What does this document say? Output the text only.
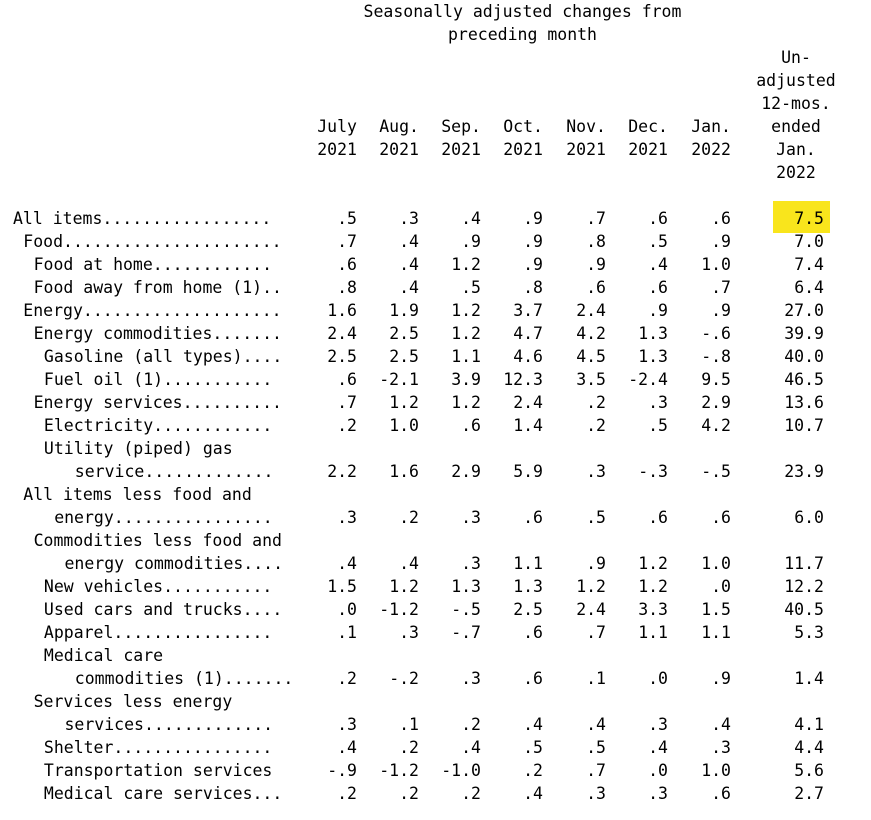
Seasonally adjusted changes from
preceding month
July
2021
Aug.
2021
Sep.
2021
Oct.
2021
Nov.
2021
Dec.
2021
Jan.
2022
Un-
adjusted
12-mos.
ended
Jan.
2022
All items.................	.5	.3	.4	.9	.7	.6	.6	7.5
Food......................	.7	.4	.9	.9	.8	.5	.9	7.0
Food at home............	.6	.4	1.2	.9	.9	.4	1.0	7.4
Food away from home (1)..	.8	.4	.5	.8	.6	.6	.7	6.4
Energy....................	1.6	1.9	1.2	3.7	2.4	.9	.9	27.0
Energy commodities.......	2.4	2.5	1.2	4.7	4.2	1.3	-.6	39.9
Gasoline (all types)....	2.5	2.5	1.1	4.6	4.5	1.3	-.8	40.0
Fuel oil (1)...........	.6	-2.1	3.9	12.3	3.5	-2.4	9.5	46.5
Energy services..........	.7	1.2	1.2	2.4	.2	.3	2.9	13.6
Electricity............	.2	1.0	.6	1.4	.2	.5	4.2	10.7
Utility (piped) gas
service.............	2.2	1.6	2.9	5.9	.3	-.3	-.5	23.9
All items less food and
energy................	.3	.2	.3	.6	.5	.6	.6	6.0
Commodities less food and
energy commodities....	.4	.4	.3	1.1	.9	1.2	1.0	11.7
New vehicles...........	1.5	1.2	1.3	1.3	1.2	1.2	.0	12.2
Used cars and trucks....	.0	-1.2	-.5	2.5	2.4	3.3	1.5	40.5
Apparel................	.1	.3	-.7	.6	.7	1.1	1.1	5.3
Medical care
commodities (1).......	.2	-.2	.3	.6	.1	.0	.9	1.4
Services less energy
services.............	.3	.1	.2	.4	.4	.3	.4	4.1
Shelter................	.4	.2	.4	.5	.5	.4	.3	4.4
Transportation services	-.9	-1.2	-1.0	.2	.7	.0	1.0	5.6
Medical care services...	.2	.2	.2	.4	.3	.3	.6	2.7
